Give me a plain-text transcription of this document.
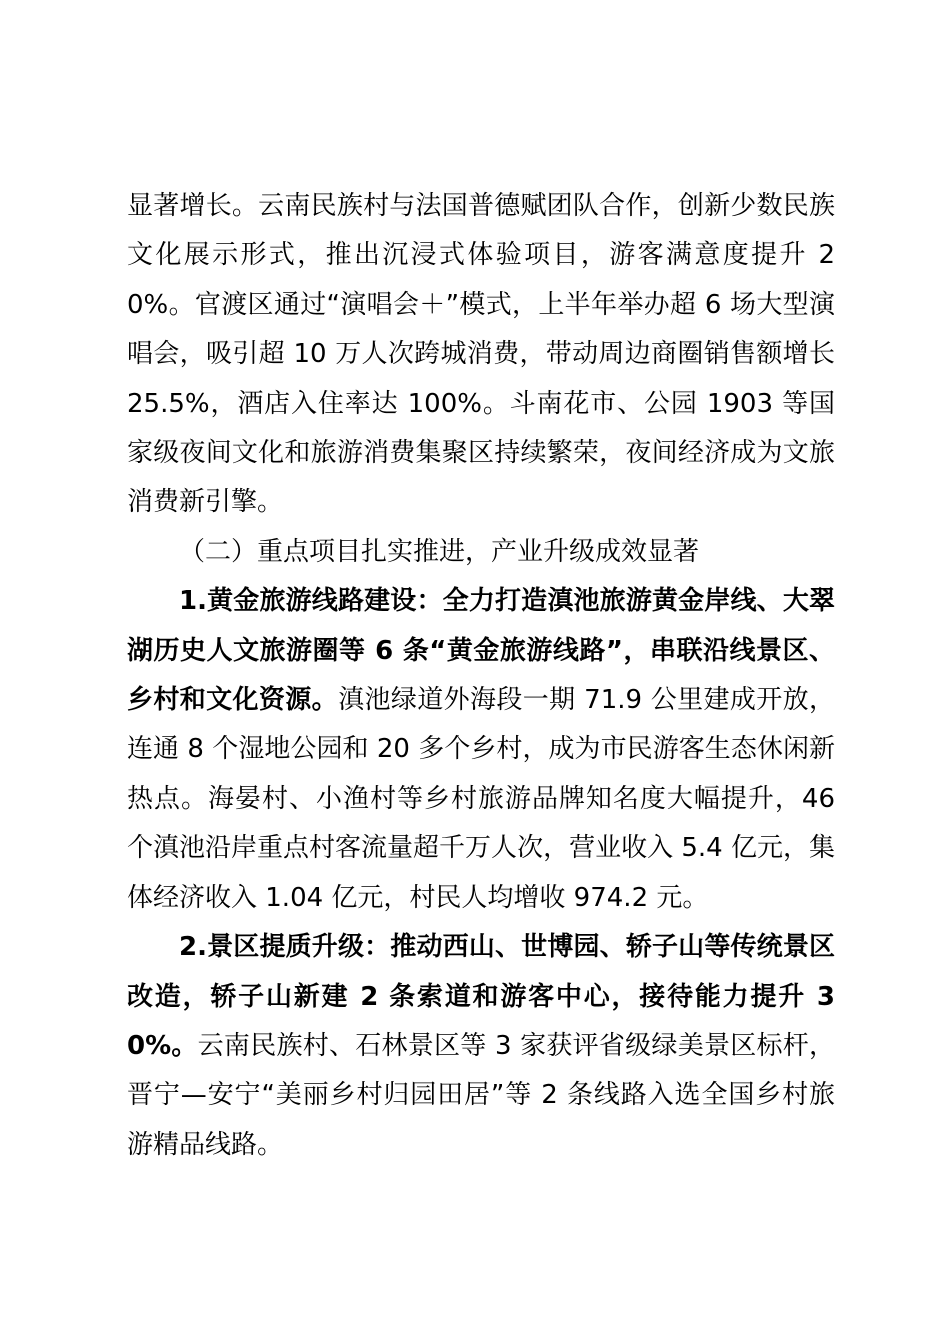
显著增长。云南民族村与法国普德赋团队合作，创新少数民族文化展示形式，推出沉浸式体验项目，游客满意度提升 20%。官渡区通过“演唱会＋”模式，上半年举办超 6 场大型演唱会，吸引超 10 万人次跨城消费，带动周边商圈销售额增长 25.5%，酒店入住率达 100%。斗南花市、公园 1903 等国家级夜间文化和旅游消费集聚区持续繁荣，夜间经济成为文旅消费新引擎。

（二）重点项目扎实推进，产业升级成效显著

1.黄金旅游线路建设：全力打造滇池旅游黄金岸线、大翠湖历史人文旅游圈等 6 条“黄金旅游线路”，串联沿线景区、乡村和文化资源。滇池绿道外海段一期 71.9 公里建成开放，连通 8 个湿地公园和 20 多个乡村，成为市民游客生态休闲新热点。海晏村、小渔村等乡村旅游品牌知名度大幅提升，46 个滇池沿岸重点村客流量超千万人次，营业收入 5.4 亿元，集体经济收入 1.04 亿元，村民人均增收 974.2 元。

2.景区提质升级：推动西山、世博园、轿子山等传统景区改造，轿子山新建 2 条索道和游客中心，接待能力提升 30%。云南民族村、石林景区等 3 家获评省级绿美景区标杆，晋宁—安宁“美丽乡村归园田居”等 2 条线路入选全国乡村旅游精品线路。
